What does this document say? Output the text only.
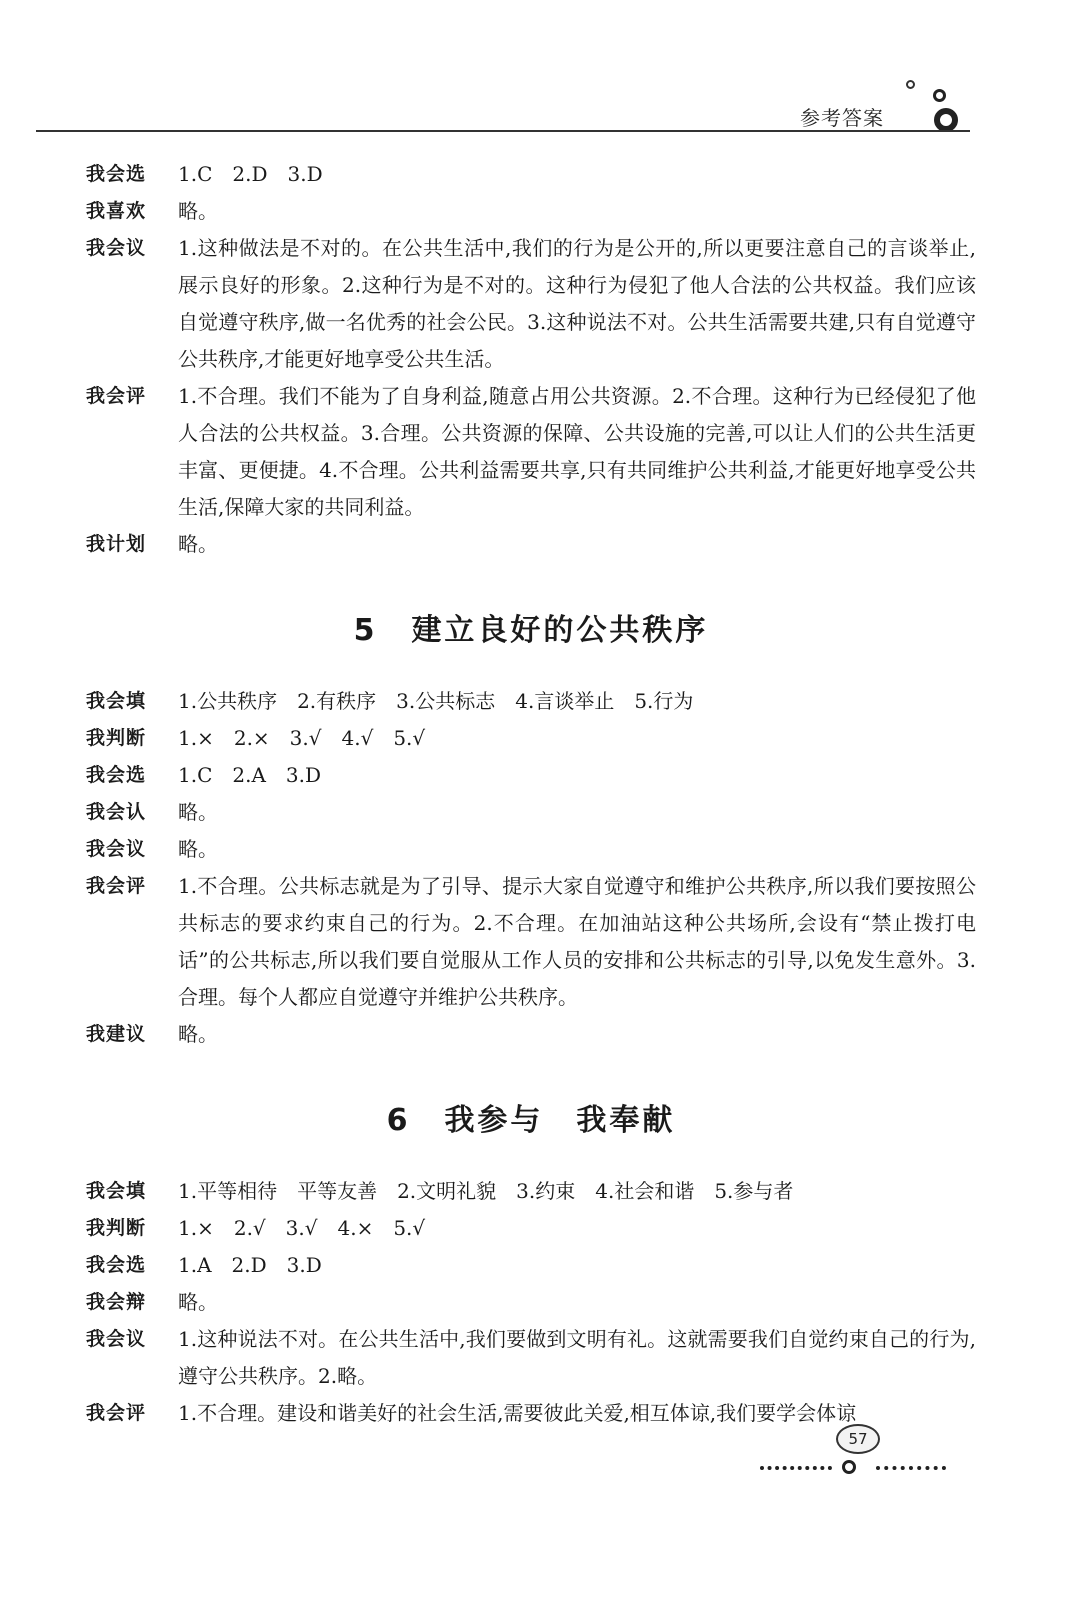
参考答案
我会选	1.C　2.D　3.D
我喜欢	略。
我会议	1.这种做法是不对的。在公共生活中,我们的行为是公开的,所以更要注意自己的言谈举止,展示良好的形象。2.这种行为是不对的。这种行为侵犯了他人合法的公共权益。我们应该自觉遵守秩序,做一名优秀的社会公民。3.这种说法不对。公共生活需要共建,只有自觉遵守公共秩序,才能更好地享受公共生活。
我会评	1.不合理。我们不能为了自身利益,随意占用公共资源。2.不合理。这种行为已经侵犯了他人合法的公共权益。3.合理。公共资源的保障、公共设施的完善,可以让人们的公共生活更丰富、更便捷。4.不合理。公共利益需要共享,只有共同维护公共利益,才能更好地享受公共生活,保障大家的共同利益。
我计划	略。
5 建立良好的公共秩序
我会填	1.公共秩序　2.有秩序　3.公共标志　4.言谈举止　5.行为
我判断	1.×　2.×　3.√　4.√　5.√
我会选	1.C　2.A　3.D
我会认	略。
我会议	略。
我会评	1.不合理。公共标志就是为了引导、提示大家自觉遵守和维护公共秩序,所以我们要按照公共标志的要求约束自己的行为。2.不合理。在加油站这种公共场所,会设有“禁止拨打电话”的公共标志,所以我们要自觉服从工作人员的安排和公共标志的引导,以免发生意外。3.合理。每个人都应自觉遵守并维护公共秩序。
我建议	略。
6 我参与　我奉献
我会填	1.平等相待　平等友善　2.文明礼貌　3.约束　4.社会和谐　5.参与者
我判断	1.×　2.√　3.√　4.×　5.√
我会选	1.A　2.D　3.D
我会辩	略。
我会议	1.这种说法不对。在公共生活中,我们要做到文明有礼。这就需要我们自觉约束自己的行为,遵守公共秩序。2.略。
我会评	1.不合理。建设和谐美好的社会生活,需要彼此关爱,相互体谅,我们要学会体谅
57
